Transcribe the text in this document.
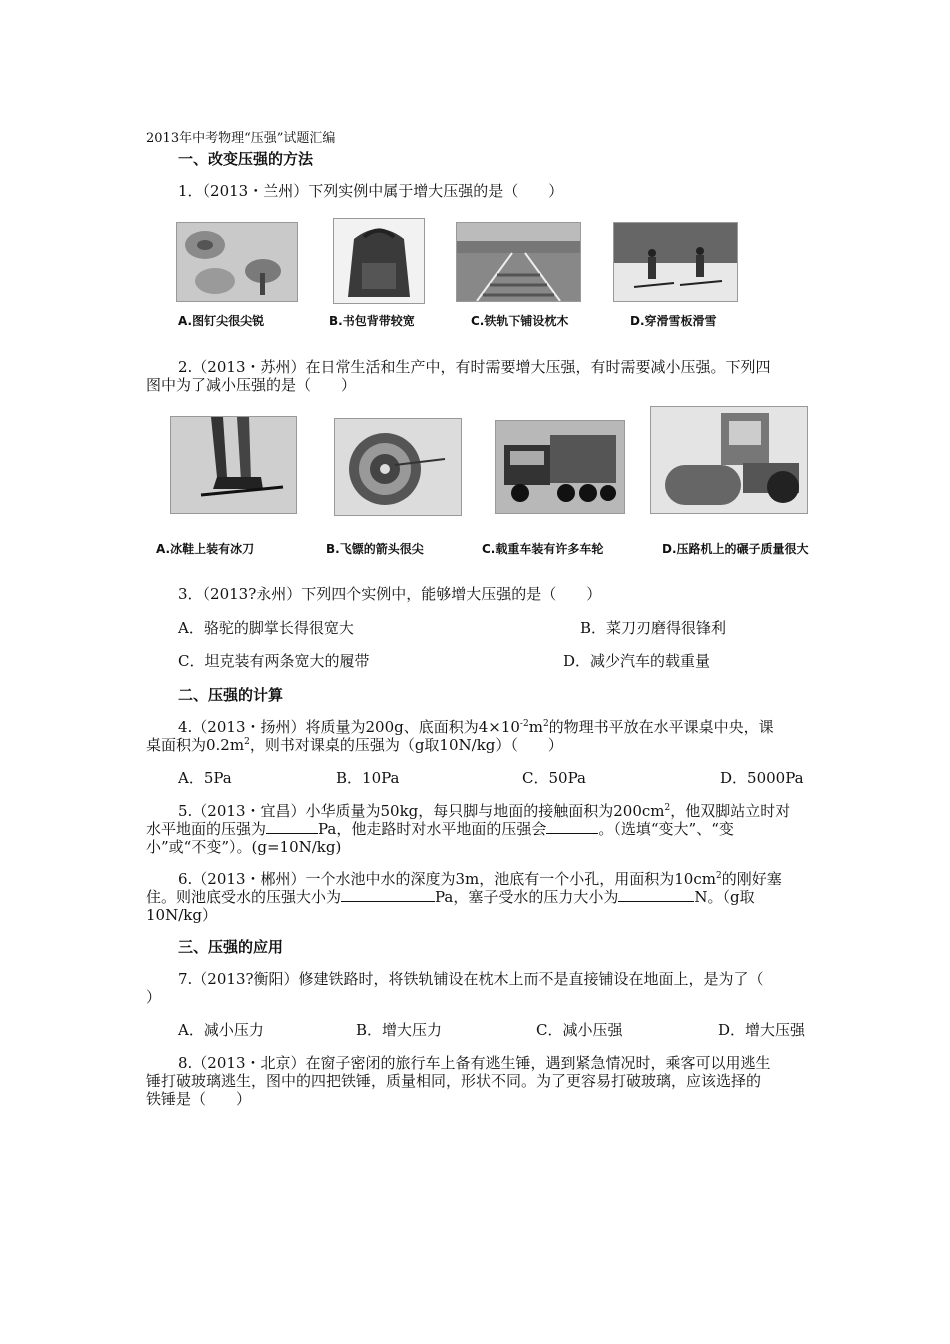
2013年中考物理“压强”试题汇编
一、改变压强的方法
1．（2013・兰州）下列实例中属于增大压强的是（　　）
A.图钉尖很尖锐	B.书包背带较宽	C.铁轨下铺设枕木	D.穿滑雪板滑雪
2.（2013・苏州）在日常生活和生产中，有时需要增大压强，有时需要减小压强。下列四
图中为了减小压强的是（　　）
A.冰鞋上装有冰刀	B.飞镖的箭头很尖	C.载重车装有许多车轮	D.压路机上的碾子质量很大
3．（2013?永州）下列四个实例中，能够增大压强的是（　　）
A．骆驼的脚掌长得很宽大	B．菜刀刃磨得很锋利
C．坦克装有两条宽大的履带	D．减少汽车的载重量
二、压强的计算
4.（2013・扬州）将质量为200g、底面积为$4\times 10^{-2}m^2$的物理书平放在水平课桌中央，课
桌面积为$0.2m^2$，则书对课桌的压强为（g取10N/kg）（　　）
A．5Pa	B．10Pa	C．50Pa	D．5000Pa
5.（2013・宜昌）小华质量为50kg，每只脚与地面的接触面积为$200cm^2$，他双脚站立时对
水平地面的压强为	Pa，他走路时对水平地面的压强会	。（选填“变大”、“变
小”或“不变”）。(g=10N/kg)
6.（2013・郴州）一个水池中水的深度为3m，池底有一个小孔，用面积为$10cm^2$的刚好塞
住。则池底受水的压强大小为	Pa，塞子受水的压力大小为	N。（g取
10N/kg）
三、压强的应用
7.（2013?衡阳）修建铁路时，将铁轨铺设在枕木上而不是直接铺设在地面上，是为了（
）
A．减小压力	B．增大压力	C．减小压强	D．增大压强
8.（2013・北京）在窗子密闭的旅行车上备有逃生锤，遇到紧急情况时，乘客可以用逃生
锤打破玻璃逃生，图中的四把铁锤，质量相同，形状不同。为了更容易打破玻璃，应该选择的
铁锤是（　　）
